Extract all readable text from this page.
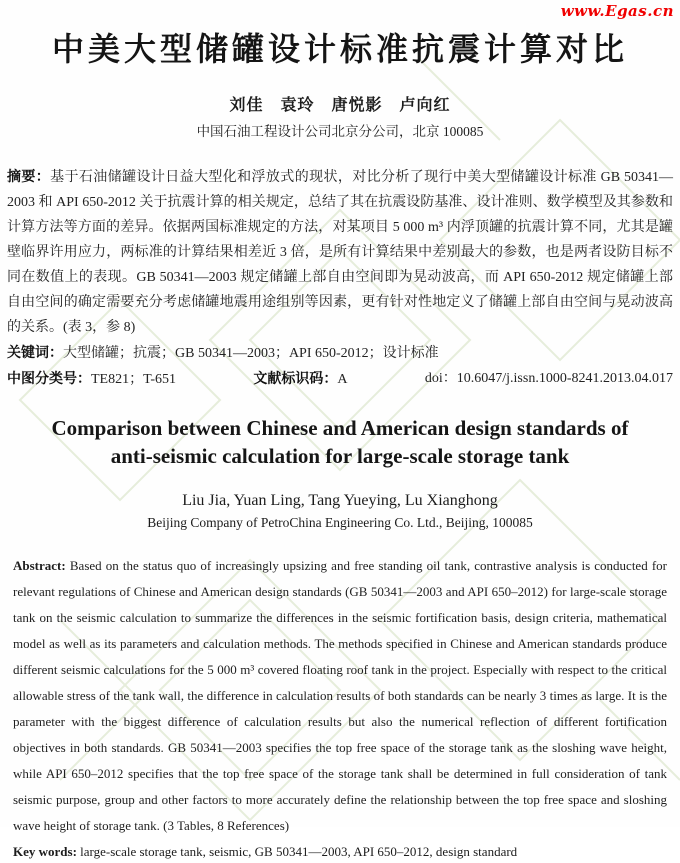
www.Egas.cn
中美大型储罐设计标准抗震计算对比
刘佳　袁玲　唐悦影　卢向红
中国石油工程设计公司北京分公司，北京 100085

摘要：基于石油储罐设计日益大型化和浮放式的现状，对比分析了现行中美大型储罐设计标准 GB 50341—2003 和 API 650-2012 关于抗震计算的相关规定，总结了其在抗震设防基准、设计准则、数学模型及其参数和计算方法等方面的差异。依据两国标准规定的方法，对某项目 5 000 m³ 内浮顶罐的抗震计算不同，尤其是罐壁临界许用应力，两标准的计算结果相差近 3 倍，是所有计算结果中差别最大的参数，也是两者设防目标不同在数值上的表现。GB 50341—2003 规定储罐上部自由空间即为晃动波高，而 API 650-2012 规定储罐上部自由空间的确定需要充分考虑储罐地震用途组别等因素，更有针对性地定义了储罐上部自由空间与晃动波高的关系。(表 3，参 8)

关键词：大型储罐；抗震；GB 50341—2003；API 650-2012；设计标准

中图分类号：TE821；T-651	文献标识码：A	doi：10.6047/j.issn.1000-8241.2013.04.017
Comparison between Chinese and American design standards of
anti-seismic calculation for large-scale storage tank
Liu Jia, Yuan Ling, Tang Yueying, Lu Xianghong
Beijing Company of PetroChina Engineering Co. Ltd., Beijing, 100085

Abstract: Based on the status quo of increasingly upsizing and free standing oil tank, contrastive analysis is conducted for relevant regulations of Chinese and American design standards (GB 50341—2003 and API 650–2012) for large-scale storage tank on the seismic calculation to summarize the differences in the seismic fortification basis, design criteria, mathematical model as well as its parameters and calculation methods. The methods specified in Chinese and American standards produce different seismic calculations for the 5 000 m³ covered floating roof tank in the project. Especially with respect to the critical allowable stress of the tank wall, the difference in calculation results of both standards can be nearly 3 times as large. It is the parameter with the biggest difference of calculation results but also the numerical reflection of different fortification objectives in both standards. GB 50341—2003 specifies the top free space of the storage tank as the sloshing wave height, while API 650–2012 specifies that the top free space of the storage tank shall be determined in full consideration of tank seismic purpose, group and other factors to more accurately define the relationship between the top free space and sloshing wave height of storage tank. (3 Tables, 8 References)

Key words: large-scale storage tank, seismic, GB 50341—2003, API 650–2012, design standard
